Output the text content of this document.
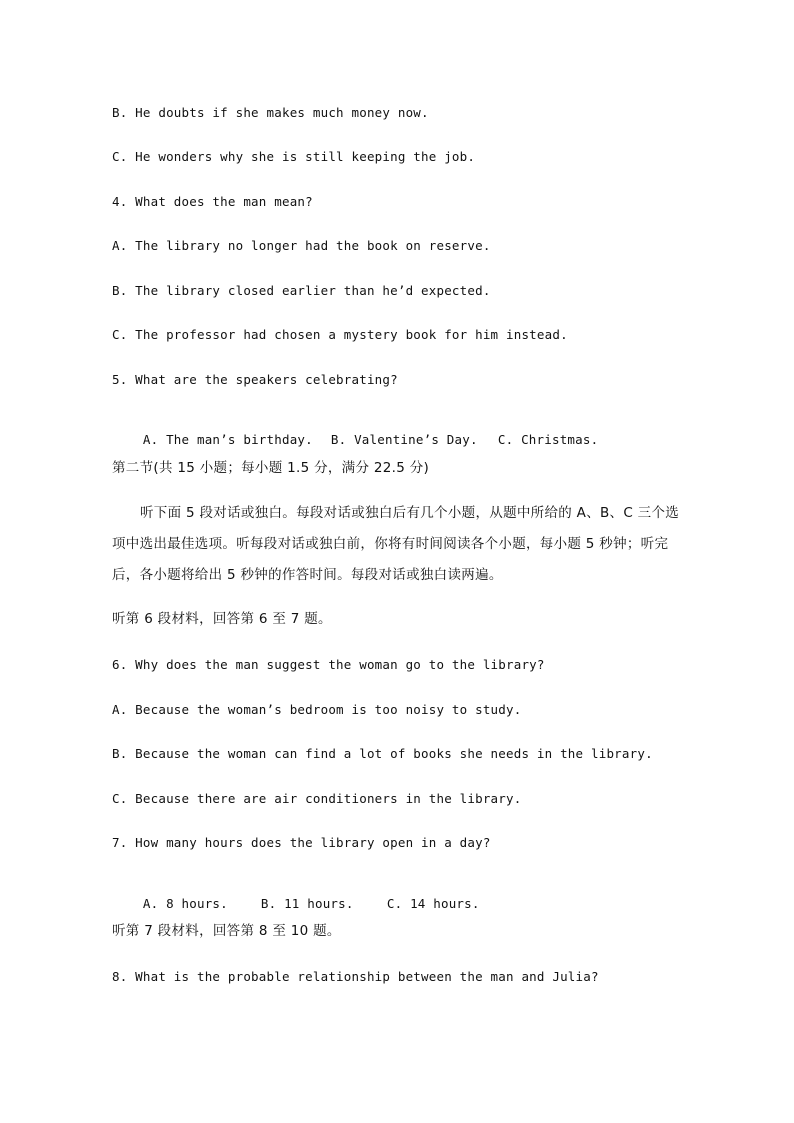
B. He doubts if she makes much money now.
C. He wonders why she is still keeping the job.
4. What does the man mean?
A. The library no longer had the book on reserve.
B. The library closed earlier than he’d expected.
C. The professor had chosen a mystery book for him instead.
5. What are the speakers celebrating?

A. The man’s birthday. B. Valentine’s Day. C. Christmas.

第二节(共 15 小题；每小题 1.5 分，满分 22.5 分)
听下面 5 段对话或独白。每段对话或独白后有几个小题，从题中所给的 A、B、C 三个选项中选出最佳选项。听每段对话或独白前，你将有时间阅读各个小题，每小题 5 秒钟；听完后，各小题将给出 5 秒钟的作答时间。每段对话或独白读两遍。
听第 6 段材料，回答第 6 至 7 题。
6. Why does the man suggest the woman go to the library?
A. Because the woman’s bedroom is too noisy to study.
B. Because the woman can find a lot of books she needs in the library.
C. Because there are air conditioners in the library.
7. How many hours does the library open in a day?

A. 8 hours.	B. 11 hours.	C. 14 hours.

听第 7 段材料，回答第 8 至 10 题。
8. What is the probable relationship between the man and Julia?
